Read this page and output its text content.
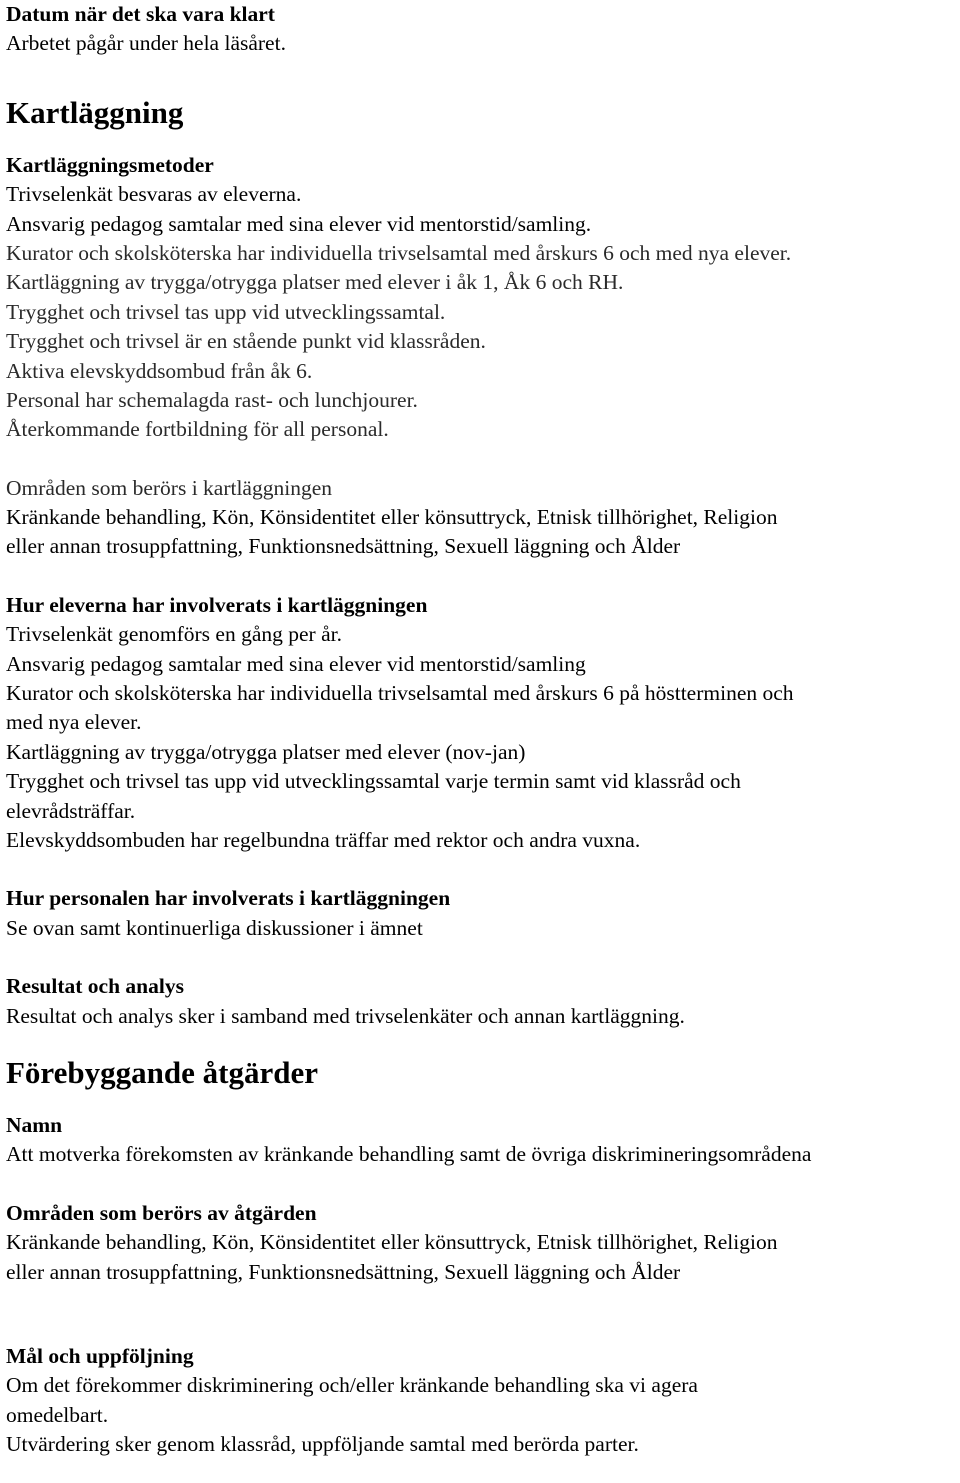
Datum när det ska vara klart

Arbetet pågår under hela läsåret.

Kartläggning

Kartläggningsmetoder

Trivselenkät besvaras av eleverna.

Ansvarig pedagog samtalar med sina elever vid mentorstid/samling.

Kurator och skolsköterska har individuella trivselsamtal med årskurs 6 och med nya elever.

Kartläggning av trygga/otrygga platser med elever i åk 1, Åk 6 och RH.

Trygghet och trivsel tas upp vid utvecklingssamtal.

Trygghet och trivsel är en stående punkt vid klassråden.

Aktiva elevskyddsombud från åk 6.

Personal har schemalagda rast- och lunchjourer.

Återkommande fortbildning för all personal.

Områden som berörs i kartläggningen

Kränkande behandling, Kön, Könsidentitet eller könsuttryck, Etnisk tillhörighet, Religion

eller annan trosuppfattning, Funktionsnedsättning, Sexuell läggning och Ålder

Hur eleverna har involverats i kartläggningen

Trivselenkät genomförs en gång per år.

Ansvarig pedagog samtalar med sina elever vid mentorstid/samling

Kurator och skolsköterska har individuella trivselsamtal med årskurs 6 på höstterminen och

med nya elever.

Kartläggning av trygga/otrygga platser med elever (nov-jan)

Trygghet och trivsel tas upp vid utvecklingssamtal varje termin samt vid klassråd och

elevrådsträffar.

Elevskyddsombuden har regelbundna träffar med rektor och andra vuxna.

Hur personalen har involverats i kartläggningen

Se ovan samt kontinuerliga diskussioner i ämnet

Resultat och analys

Resultat och analys sker i samband med trivselenkäter och annan kartläggning.

Förebyggande åtgärder

Namn

Att motverka förekomsten av kränkande behandling samt de övriga diskrimineringsområdena

Områden som berörs av åtgärden

Kränkande behandling, Kön, Könsidentitet eller könsuttryck, Etnisk tillhörighet, Religion

eller annan trosuppfattning, Funktionsnedsättning, Sexuell läggning och Ålder

Mål och uppföljning

Om det förekommer diskriminering och/eller kränkande behandling ska vi agera

omedelbart.

Utvärdering sker genom klassråd, uppföljande samtal med berörda parter.
